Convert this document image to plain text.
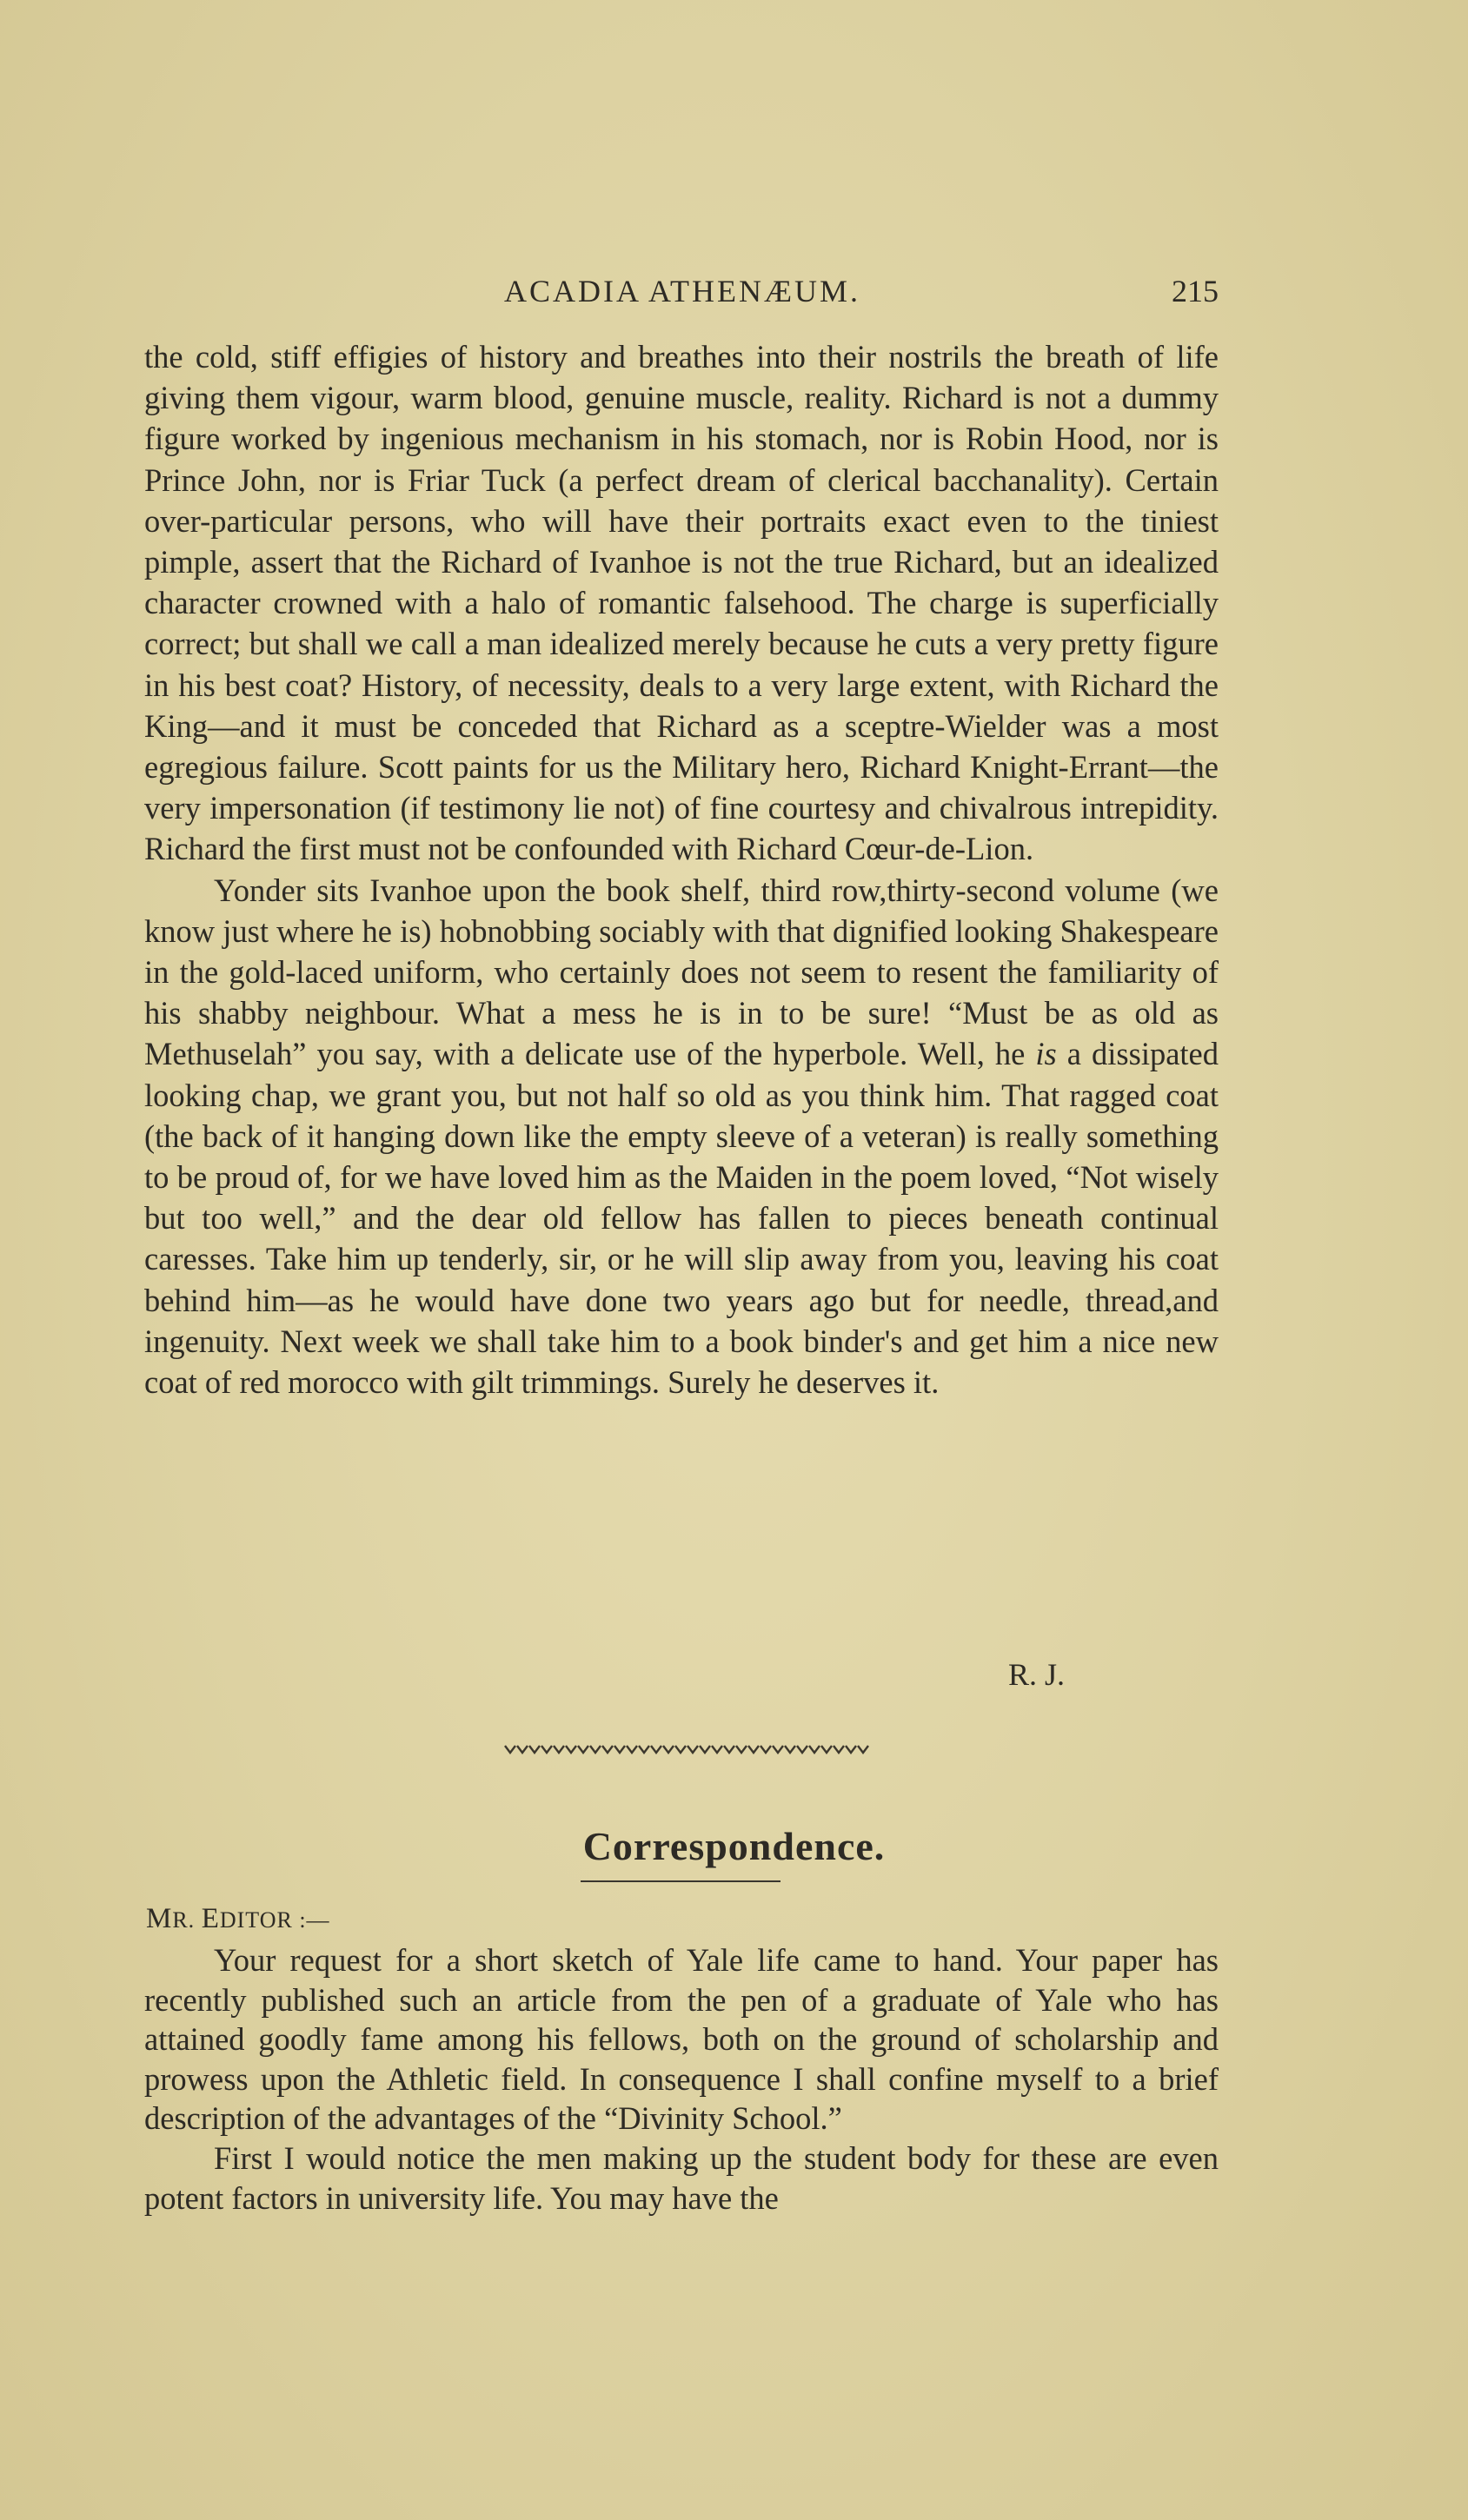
ACADIA ATHENÆUM.	215

the cold, stiff effigies of history and breathes into their nostrils the breath of life giving them vigour, warm blood, genuine muscle, reality. Richard is not a dummy figure worked by ingenious mechanism in his stomach, nor is Robin Hood, nor is Prince John, nor is Friar Tuck (a perfect dream of clerical bacchanality). Certain over-particular persons, who will have their portraits exact even to the tiniest pimple, assert that the Richard of Ivanhoe is not the true Richard, but an idealized character crowned with a halo of romantic falsehood. The charge is superficially correct; but shall we call a man idealized merely because he cuts a very pretty figure in his best coat? History, of necessity, deals to a very large extent, with Richard the King—and it must be conceded that Richard as a sceptre-Wielder was a most egregious failure. Scott paints for us the Military hero, Richard Knight-Errant—the very impersonation (if testimony lie not) of fine courtesy and chivalrous intrepidity. Richard the first must not be confounded with Richard Cœur-de-Lion.

Yonder sits Ivanhoe upon the book shelf, third row,thirty-second volume (we know just where he is) hobnobbing sociably with that dignified looking Shakespeare in the gold-laced uniform, who certainly does not seem to resent the familiarity of his shabby neighbour. What a mess he is in to be sure! “Must be as old as Methuselah” you say, with a delicate use of the hyperbole. Well, he is a dissipated looking chap, we grant you, but not half so old as you think him. That ragged coat (the back of it hanging down like the empty sleeve of a veteran) is really something to be proud of, for we have loved him as the Maiden in the poem loved, “Not wisely but too well,” and the dear old fellow has fallen to pieces beneath continual caresses. Take him up tenderly, sir, or he will slip away from you, leaving his coat behind him—as he would have done two years ago but for needle, thread,and ingenuity. Next week we shall take him to a book binder's and get him a nice new coat of red morocco with gilt trimmings. Surely he deserves it.

R. J.
Correspondence.
MR. EDITOR :—

Your request for a short sketch of Yale life came to hand. Your paper has recently published such an article from the pen of a graduate of Yale who has attained goodly fame among his fellows, both on the ground of scholarship and prowess upon the Athletic field. In consequence I shall confine myself to a brief description of the advantages of the “Divinity School.”

First I would notice the men making up the student body for these are even potent factors in university life. You may have the
